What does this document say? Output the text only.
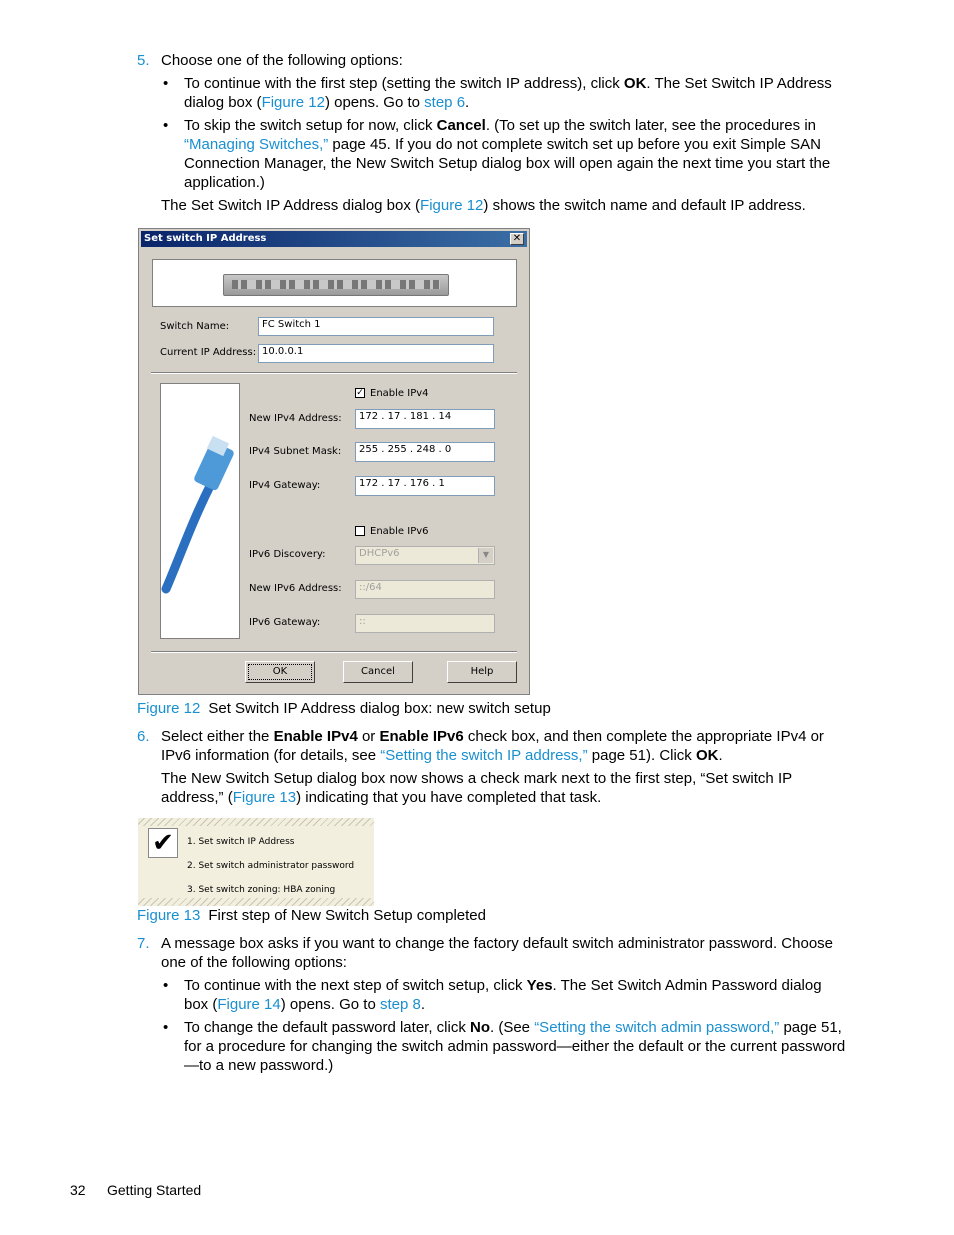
5. Choose one of the following options:
• To continue with the first step (setting the switch IP address), click OK. The Set Switch IP Address dialog box (Figure 12) opens. Go to step 6.
• To skip the switch setup for now, click Cancel. (To set up the switch later, see the procedures in “Managing Switches,” page 45. If you do not complete switch set up before you exit Simple SAN Connection Manager, the New Switch Setup dialog box will open again the next time you start the application.)
The Set Switch IP Address dialog box (Figure 12) shows the switch name and default IP address.
Set switch IP Address	✕
Switch Name:	FC Switch 1
Current IP Address: 10.0.0.1
✓ Enable IPv4
New IPv4 Address:	172 . 17 . 181 . 14
IPv4 Subnet Mask:	255 . 255 . 248 . 0
IPv4 Gateway:	172 . 17 . 176 . 1
Enable IPv6
IPv6 Discovery:	DHCPv6	▼
New IPv6 Address:	::/64
IPv6 Gateway:	::
OK	Cancel	Help
Figure 12 Set Switch IP Address dialog box: new switch setup
6. Select either the Enable IPv4 or Enable IPv6 check box, and then complete the appropriate IPv4 or IPv6 information (for details, see “Setting the switch IP address,” page 51). Click OK.
The New Switch Setup dialog box now shows a check mark next to the first step, “Set switch IP address,” (Figure 13) indicating that you have completed that task.
✔	1. Set switch IP Address
2. Set switch administrator password
3. Set switch zoning: HBA zoning
Figure 13 First step of New Switch Setup completed
7. A message box asks if you want to change the factory default switch administrator password. Choose one of the following options:
• To continue with the next step of switch setup, click Yes. The Set Switch Admin Password dialog box (Figure 14) opens. Go to step 8.
• To change the default password later, click No. (See “Setting the switch admin password,” page 51, for a procedure for changing the switch admin password—either the default or the current password—to a new password.)
32 Getting Started
